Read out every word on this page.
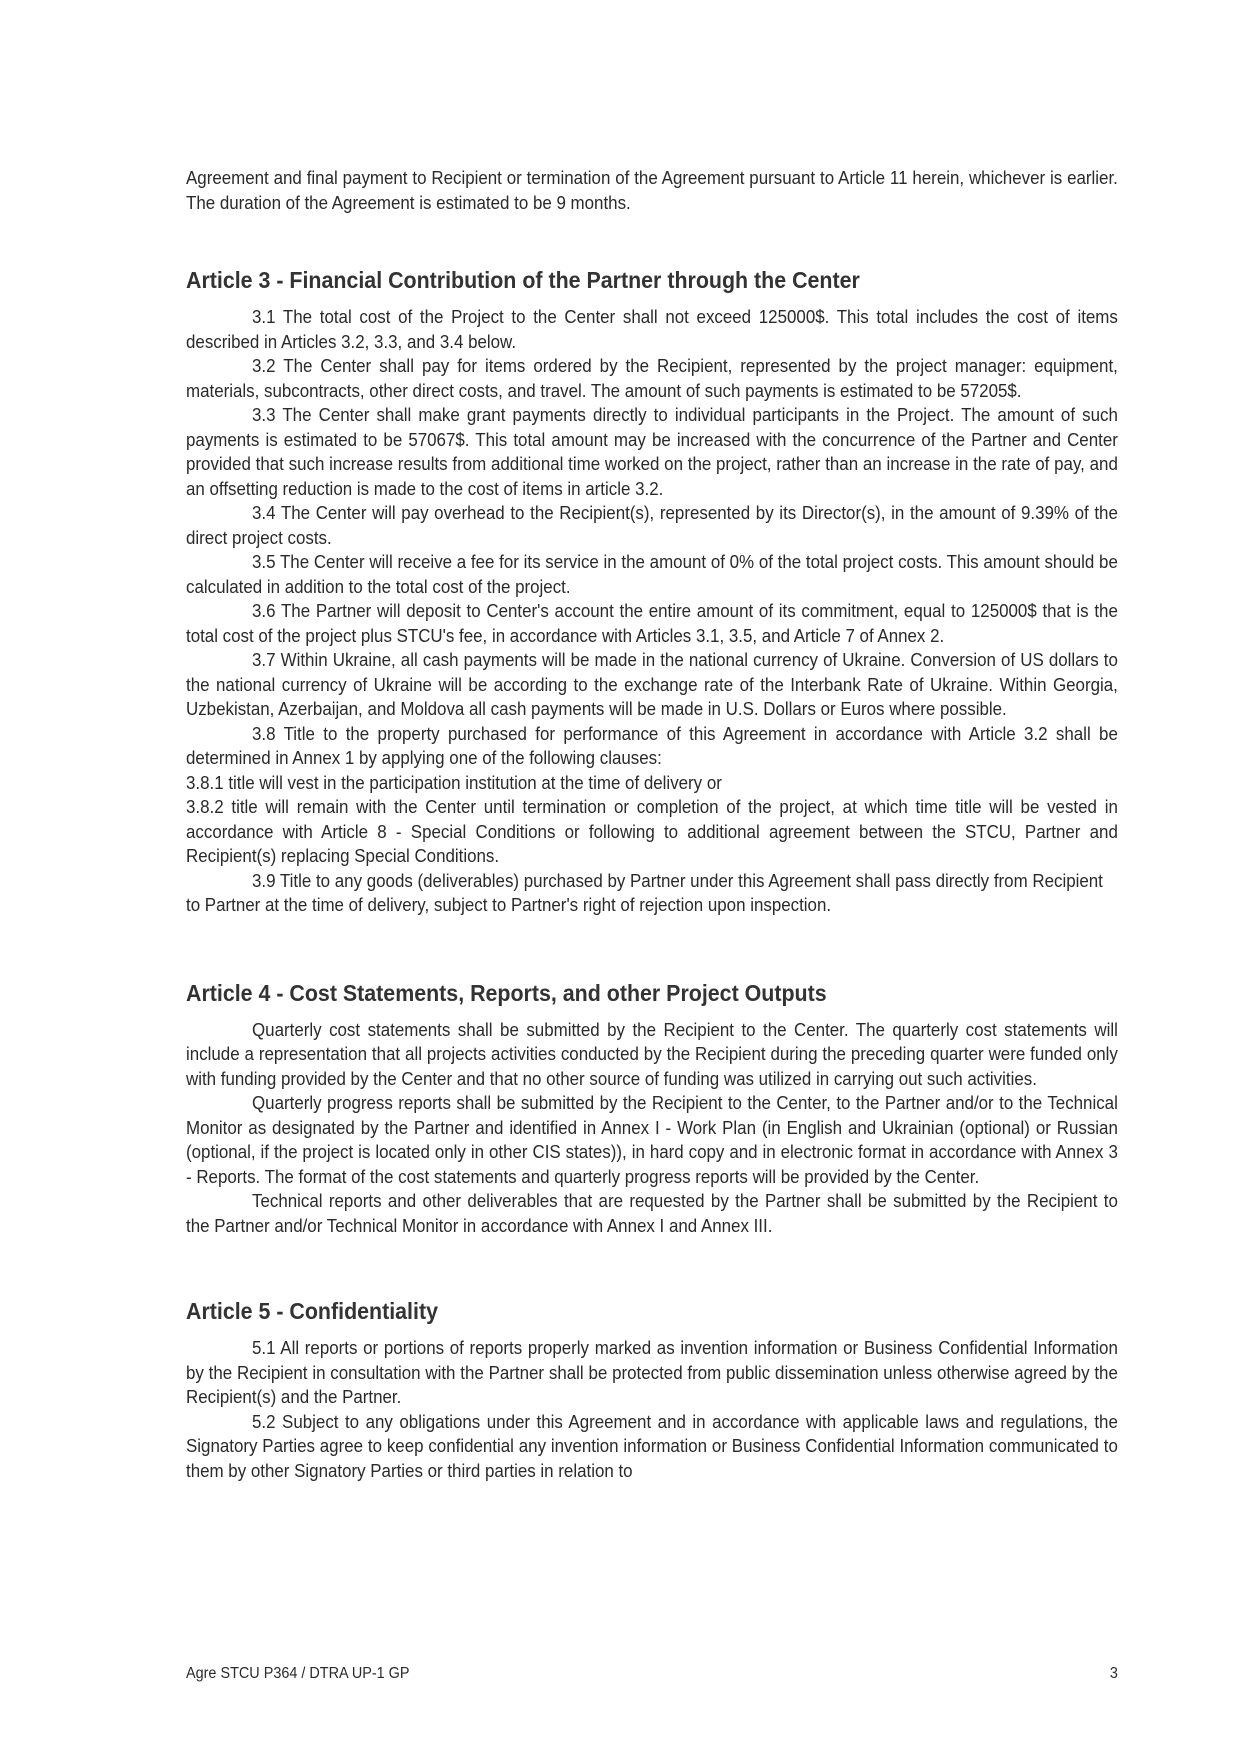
Agreement and final payment to Recipient or termination of the Agreement pursuant to Article 11 herein, whichever is earlier. The duration of the Agreement is estimated to be 9 months.

Article 3 - Financial Contribution of the Partner through the Center

3.1 The total cost of the Project to the Center shall not exceed 125000$. This total includes the cost of items described in Articles 3.2, 3.3, and 3.4 below.

3.2 The Center shall pay for items ordered by the Recipient, represented by the project manager: equipment, materials, subcontracts, other direct costs, and travel. The amount of such payments is estimated to be 57205$.

3.3 The Center shall make grant payments directly to individual participants in the Project. The amount of such payments is estimated to be 57067$. This total amount may be increased with the concurrence of the Partner and Center provided that such increase results from additional time worked on the project, rather than an increase in the rate of pay, and an offsetting reduction is made to the cost of items in article 3.2.

3.4 The Center will pay overhead to the Recipient(s), represented by its Director(s), in the amount of 9.39% of the direct project costs.

3.5 The Center will receive a fee for its service in the amount of 0% of the total project costs. This amount should be calculated in addition to the total cost of the project.

3.6 The Partner will deposit to Center's account the entire amount of its commitment, equal to 125000$ that is the total cost of the project plus STCU's fee, in accordance with Articles 3.1, 3.5, and Article 7 of Annex 2.

3.7 Within Ukraine, all cash payments will be made in the national currency of Ukraine. Conversion of US dollars to the national currency of Ukraine will be according to the exchange rate of the Interbank Rate of Ukraine. Within Georgia, Uzbekistan, Azerbaijan, and Moldova all cash payments will be made in U.S. Dollars or Euros where possible.

3.8 Title to the property purchased for performance of this Agreement in accordance with Article 3.2 shall be determined in Annex 1 by applying one of the following clauses:

3.8.1 title will vest in the participation institution at the time of delivery or

3.8.2 title will remain with the Center until termination or completion of the project, at which time title will be vested in accordance with Article 8 - Special Conditions or following to additional agreement between the STCU, Partner and Recipient(s) replacing Special Conditions.

3.9 Title to any goods (deliverables) purchased by Partner under this Agreement shall pass directly from Recipient to Partner at the time of delivery, subject to Partner's right of rejection upon inspection.

Article 4 - Cost Statements, Reports, and other Project Outputs

Quarterly cost statements shall be submitted by the Recipient to the Center. The quarterly cost statements will include a representation that all projects activities conducted by the Recipient during the preceding quarter were funded only with funding provided by the Center and that no other source of funding was utilized in carrying out such activities.

Quarterly progress reports shall be submitted by the Recipient to the Center, to the Partner and/or to the Technical Monitor as designated by the Partner and identified in Annex I - Work Plan (in English and Ukrainian (optional) or Russian (optional, if the project is located only in other CIS states)), in hard copy and in electronic format in accordance with Annex 3 - Reports. The format of the cost statements and quarterly progress reports will be provided by the Center.

Technical reports and other deliverables that are requested by the Partner shall be submitted by the Recipient to the Partner and/or Technical Monitor in accordance with Annex I and Annex III.

Article 5 - Confidentiality

5.1 All reports or portions of reports properly marked as invention information or Business Confidential Information by the Recipient in consultation with the Partner shall be protected from public dissemination unless otherwise agreed by the Recipient(s) and the Partner.

5.2 Subject to any obligations under this Agreement and in accordance with applicable laws and regulations, the Signatory Parties agree to keep confidential any invention information or Business Confidential Information communicated to them by other Signatory Parties or third parties in relation to

Agre STCU P364 / DTRA UP-1 GP	3
